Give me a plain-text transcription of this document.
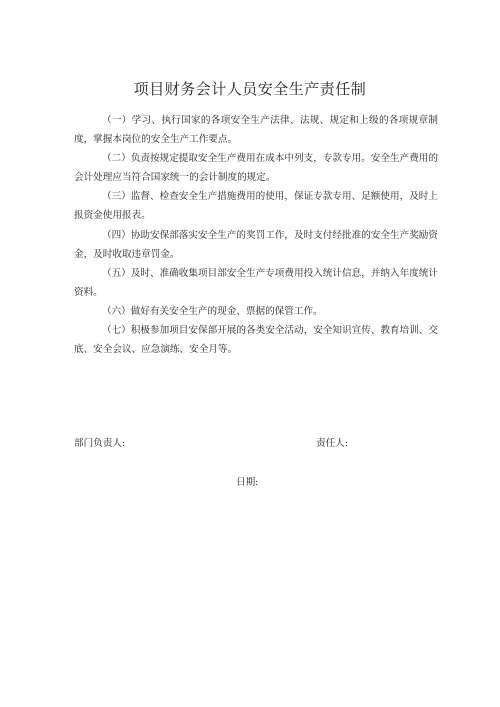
项目财务会计人员安全生产责任制
（一）学习、执行国家的各项安全生产法律、法规、规定和上级的各项规章制度，掌握本岗位的安全生产工作要点。
（二）负责按规定提取安全生产费用在成本中列支，专款专用。安全生产费用的会计处理应当符合国家统一的会计制度的规定。
（三）监督、检查安全生产措施费用的使用，保证专款专用、足额使用，及时上报资金使用报表。
（四）协助安保部落实安全生产的奖罚工作，及时支付经批准的安全生产奖励资金，及时收取违章罚金。
（五）及时、准确收集项目部安全生产专项费用投入统计信息，并纳入年度统计资料。
（六）做好有关安全生产的现金、票据的保管工作。
（七）积极参加项目安保部开展的各类安全活动，安全知识宣传、教育培训、交底、安全会议、应急演练、安全月等。
部门负责人:	责任人:
日期:
